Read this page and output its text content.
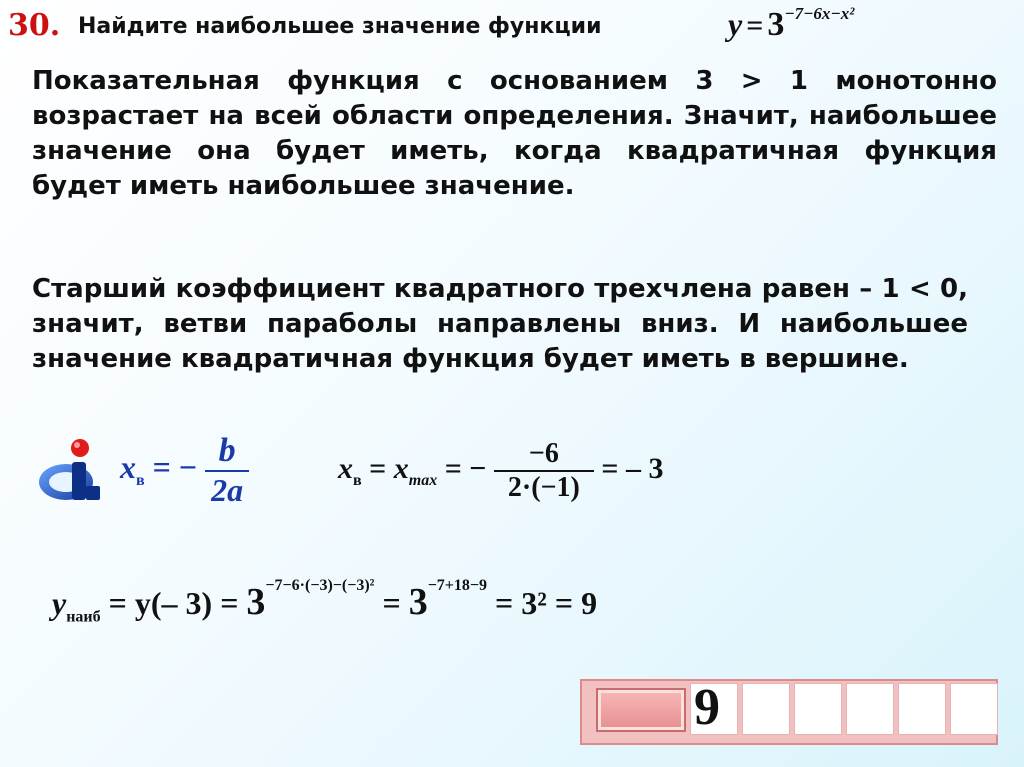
30. Найдите наибольшее значение функции	$y = 3^{-7-6x-x^2}$
Показательная функция с основанием 3 > 1 монотонно возрастает на всей области определения. Значит, наибольшее значение она будет иметь, когда квадратичная функция будет иметь наибольшее значение.
Старший коэффициент квадратного трехчлена равен – 1 < 0, значит, ветви параболы направлены вниз. И наибольшее значение квадратичная функция будет иметь в вершине.
$x_в$ = − $\frac{b}{2a}$	$x_в = x_{max}$ = − $\frac{-6}{2\cdot(-1)}$ = – 3
$y_{наиб} = y(-$ $3) = 3^{-7-6\cdot(-3)-(-3)^2} = 3^{-7+18-9} = 3^2 = 9$
9
